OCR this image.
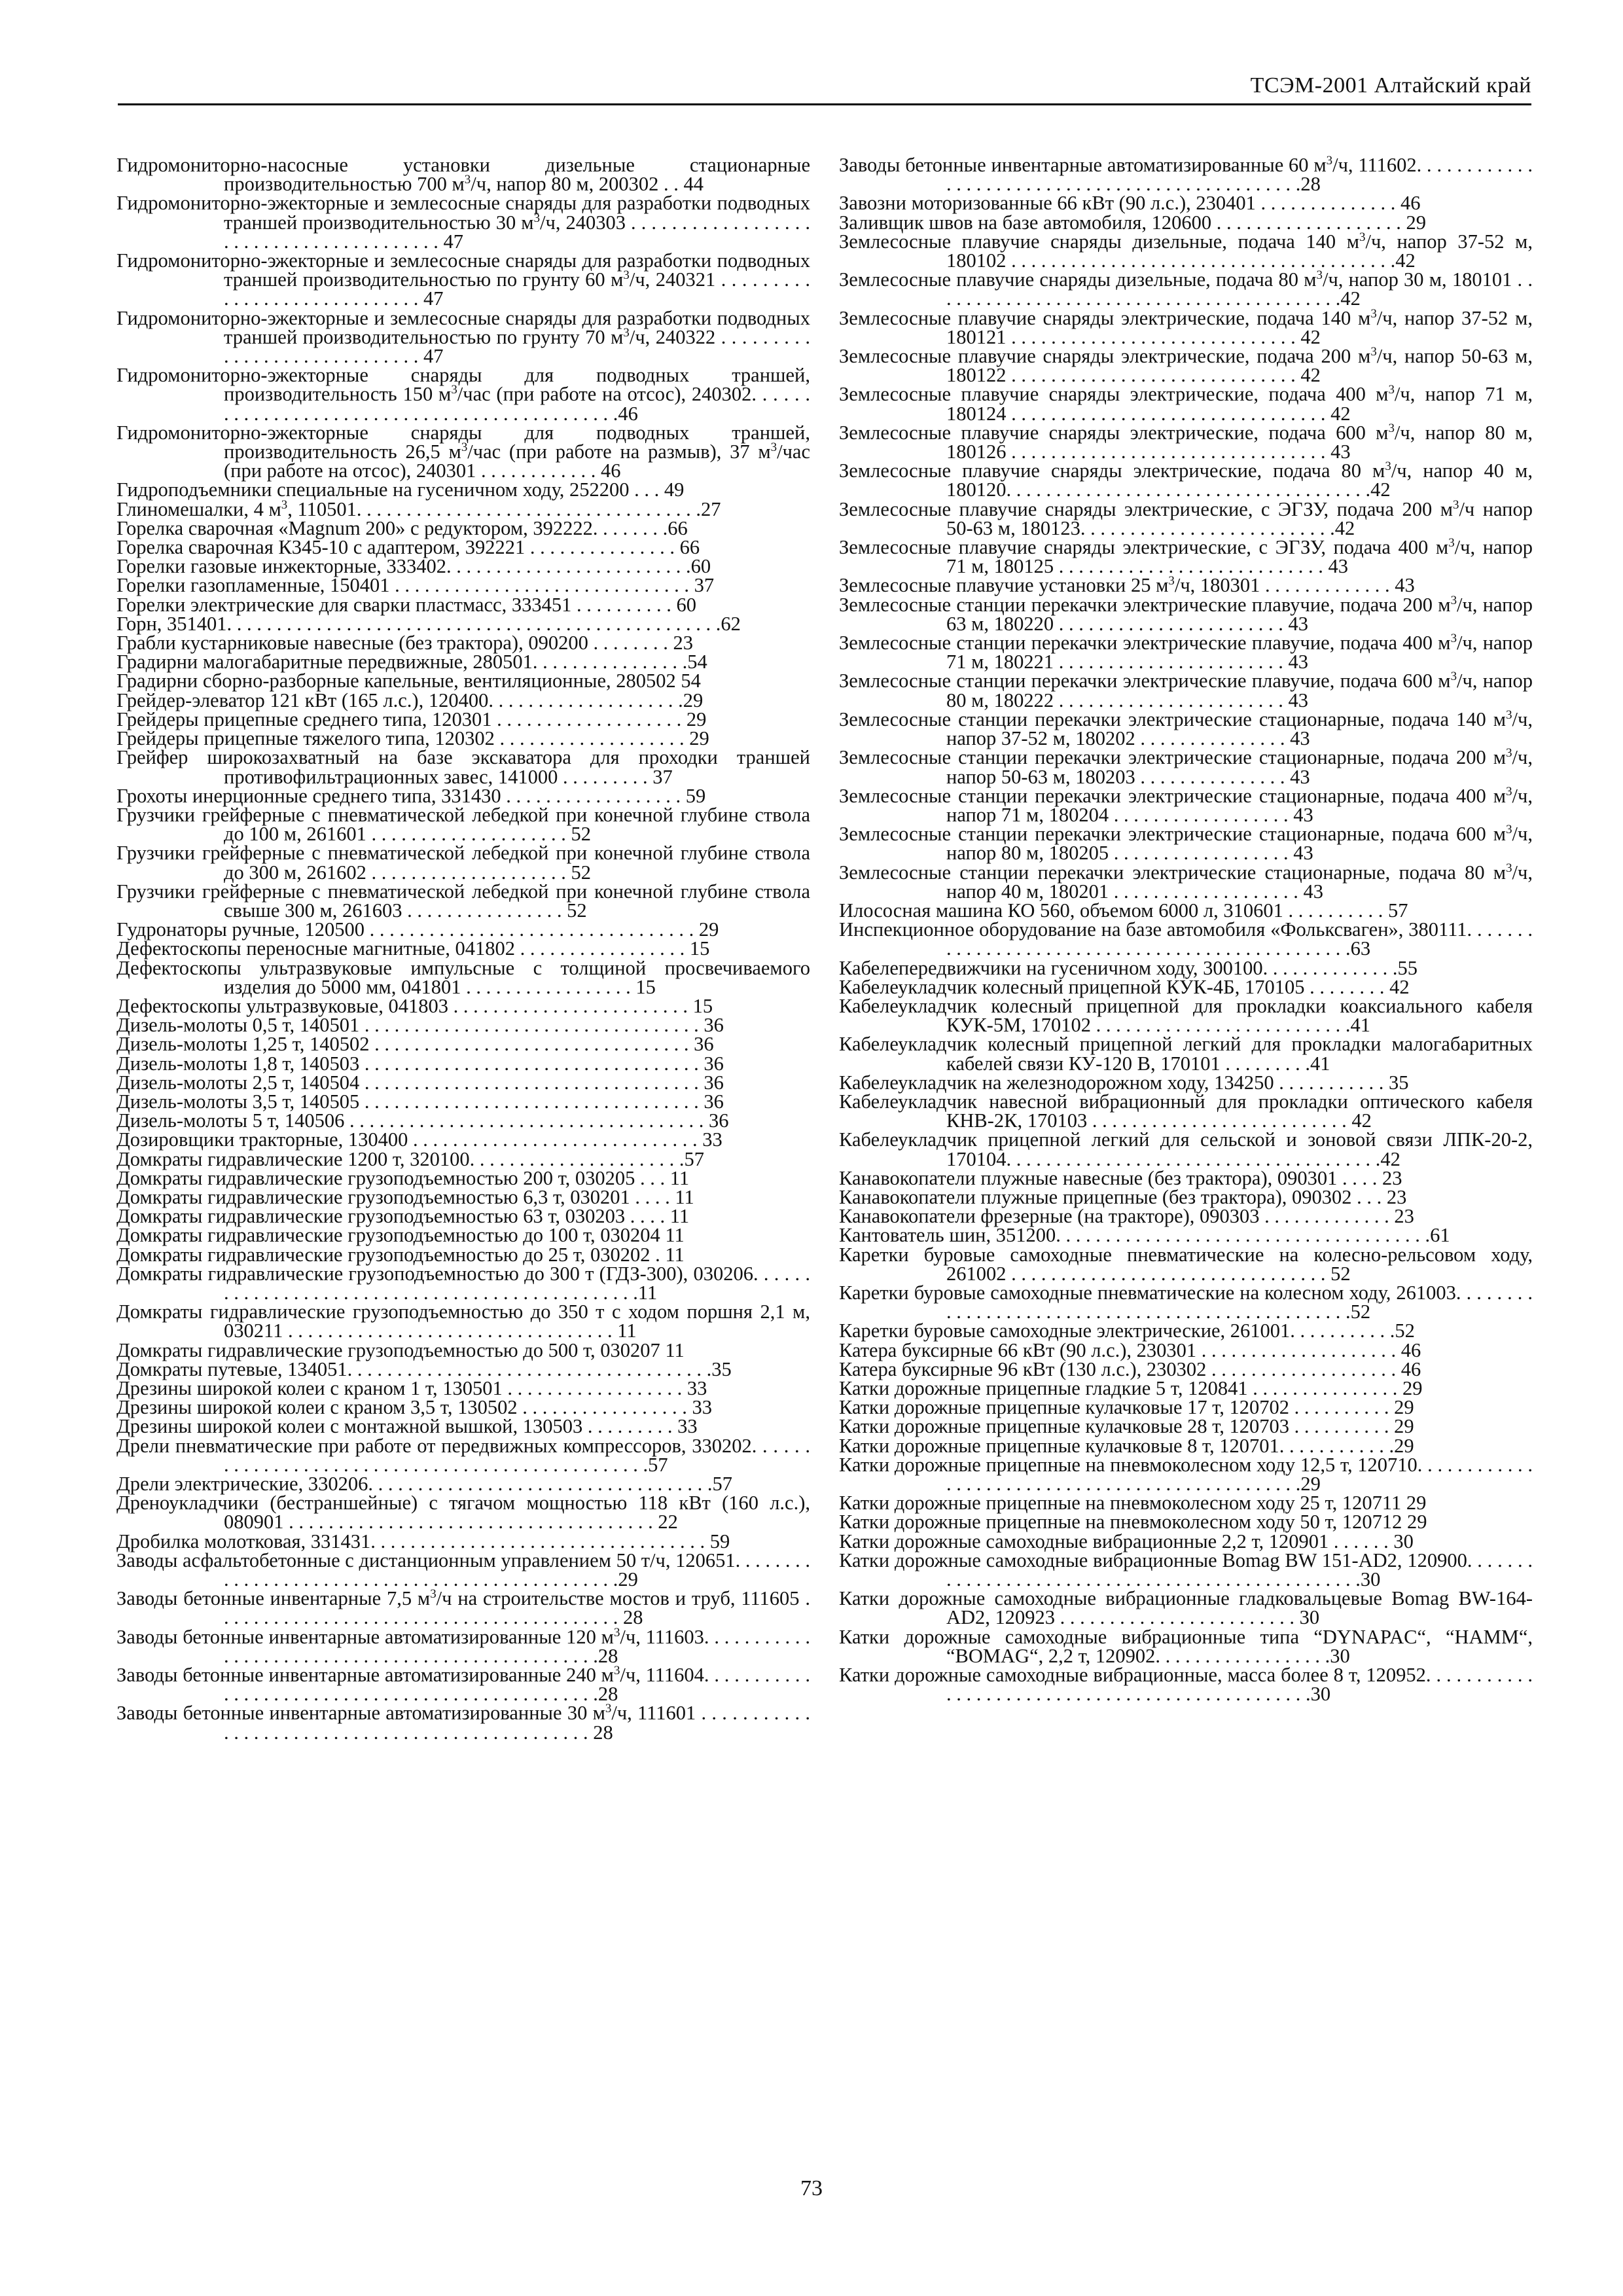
ТСЭМ-2001 Алтайский край

Гидромониторно-насосные установки дизельные стационарные производительностью 700 $м^3/ч$, напор 80 м, 200302 . . 44

Гидромониторно-эжекторные и землесосные снаряды для разработки подводных траншей производительностью 30 $м^3/ч$, 240303 . . . . . . . . . . . . . . . . . . . . . . . . . . . . . . . . . . . . . . . . 47

Гидромониторно-эжекторные и землесосные снаряды для разработки подводных траншей производительностью по грунту 60 $м^3/ч$, 240321 . . . . . . . . . . . . . . . . . . . . . . . . . . . . . 47

Гидромониторно-эжекторные и землесосные снаряды для разработки подводных траншей производительностью по грунту 70 $м^3/ч$, 240322 . . . . . . . . . . . . . . . . . . . . . . . . . . . . . 47

Гидромониторно-эжекторные снаряды для подводных траншей, производительность 150 $м^3$/час (при работе на отсос), 240302. . . . . . . . . . . . . . . . . . . . . . . . . . . . . . . . . . . . . . . . . . . . . .46

Гидромониторно-эжекторные снаряды для подводных траншей, производительность 26,5 $м^3$/час (при работе на размыв), 37 $м^3$/час (при работе на отсос), 240301 . . . . . . . . . . . . 46

Гидроподъемники специальные на гусеничном ходу, 252200 . . . 49

Глиномешалки, 4 $м^3$, 110501. . . . . . . . . . . . . . . . . . . . . . . . . . . . . . . . . . .27

Горелка сварочная «Magnum 200» с редуктором, 392222. . . . . . . .66

Горелка сварочная К345-10 с адаптером, 392221 . . . . . . . . . . . . . . . 66

Горелки газовые инжекторные, 333402. . . . . . . . . . . . . . . . . . . . . . . . .60

Горелки газопламенные, 150401 . . . . . . . . . . . . . . . . . . . . . . . . . . . . . . 37

Горелки электрические для сварки пластмасс, 333451 . . . . . . . . . . 60

Горн, 351401. . . . . . . . . . . . . . . . . . . . . . . . . . . . . . . . . . . . . . . . . . . . . . . . . .62

Грабли кустарниковые навесные (без трактора), 090200 . . . . . . . . 23

Градирни малогабаритные передвижные, 280501. . . . . . . . . . . . . . . .54

Градирни сборно-разборные капельные, вентиляционные, 280502 54

Грейдер-элеватор 121 кВт (165 л.с.), 120400. . . . . . . . . . . . . . . . . . . .29

Грейдеры прицепные среднего типа, 120301 . . . . . . . . . . . . . . . . . . . 29

Грейдеры прицепные тяжелого типа, 120302 . . . . . . . . . . . . . . . . . . . 29

Грейфер широкозахватный на базе экскаватора для проходки траншей противофильтрационных завес, 141000 . . . . . . . . . 37

Грохоты инерционные среднего типа, 331430 . . . . . . . . . . . . . . . . . . 59

Грузчики грейферные с пневматической лебедкой при конечной глубине ствола до 100 м, 261601 . . . . . . . . . . . . . . . . . . . . 52

Грузчики грейферные с пневматической лебедкой при конечной глубине ствола до 300 м, 261602 . . . . . . . . . . . . . . . . . . . . 52

Грузчики грейферные с пневматической лебедкой при конечной глубине ствола свыше 300 м, 261603 . . . . . . . . . . . . . . . . 52

Гудронаторы ручные, 120500 . . . . . . . . . . . . . . . . . . . . . . . . . . . . . . . . . 29

Дефектоскопы переносные магнитные, 041802 . . . . . . . . . . . . . . . . . 15

Дефектоскопы ультразвуковые импульсные с толщиной просвечиваемого изделия до 5000 мм, 041801 . . . . . . . . . . . . . . . . . 15

Дефектоскопы ультразвуковые, 041803 . . . . . . . . . . . . . . . . . . . . . . . . 15

Дизель-молоты 0,5 т, 140501 . . . . . . . . . . . . . . . . . . . . . . . . . . . . . . . . . . 36

Дизель-молоты 1,25 т, 140502 . . . . . . . . . . . . . . . . . . . . . . . . . . . . . . . . 36

Дизель-молоты 1,8 т, 140503 . . . . . . . . . . . . . . . . . . . . . . . . . . . . . . . . . . 36

Дизель-молоты 2,5 т, 140504 . . . . . . . . . . . . . . . . . . . . . . . . . . . . . . . . . . 36

Дизель-молоты 3,5 т, 140505 . . . . . . . . . . . . . . . . . . . . . . . . . . . . . . . . . . 36

Дизель-молоты 5 т, 140506 . . . . . . . . . . . . . . . . . . . . . . . . . . . . . . . . . . . . 36

Дозировщики тракторные, 130400 . . . . . . . . . . . . . . . . . . . . . . . . . . . . . 33

Домкраты гидравлические 1200 т, 320100. . . . . . . . . . . . . . . . . . . . . .57

Домкраты гидравлические грузоподъемностью 200 т, 030205 . . . 11

Домкраты гидравлические грузоподъемностью 6,3 т, 030201 . . . . 11

Домкраты гидравлические грузоподъемностью 63 т, 030203 . . . . 11

Домкраты гидравлические грузоподъемностью до 100 т, 030204 11

Домкраты гидравлические грузоподъемностью до 25 т, 030202 . 11

Домкраты гидравлические грузоподъемностью до 300 т (ГДЗ-300), 030206. . . . . . . . . . . . . . . . . . . . . . . . . . . . . . . . . . . . . . . . . . . . . . . .11

Домкраты гидравлические грузоподъемностью до 350 т с ходом поршня 2,1 м, 030211 . . . . . . . . . . . . . . . . . . . . . . . . . . . . . . . . . 11

Домкраты гидравлические грузоподъемностью до 500 т, 030207 11

Домкраты путевые, 134051. . . . . . . . . . . . . . . . . . . . . . . . . . . . . . . . . . . . .35

Дрезины широкой колеи с краном 1 т, 130501 . . . . . . . . . . . . . . . . . . 33

Дрезины широкой колеи с краном 3,5 т, 130502 . . . . . . . . . . . . . . . . . 33

Дрезины широкой колеи с монтажной вышкой, 130503 . . . . . . . . . 33

Дрели пневматические при работе от передвижных компрессоров, 330202. . . . . . . . . . . . . . . . . . . . . . . . . . . . . . . . . . . . . . . . . . . . . . . . .57

Дрели электрические, 330206. . . . . . . . . . . . . . . . . . . . . . . . . . . . . . . . . . .57

Дреноукладчики (бестраншейные) с тягачом мощностью 118 кВт (160 л.с.), 080901 . . . . . . . . . . . . . . . . . . . . . . . . . . . . . . . . . . . . . 22

Дробилка молотковая, 331431. . . . . . . . . . . . . . . . . . . . . . . . . . . . . . . . . . 59

Заводы асфальтобетонные с дистанционным управлением 50 т/ч, 120651. . . . . . . . . . . . . . . . . . . . . . . . . . . . . . . . . . . . . . . . . . . . . . . .29

Заводы бетонные инвентарные 7,5 $м^3/ч$ на строительстве мостов и труб, 111605 . . . . . . . . . . . . . . . . . . . . . . . . . . . . . . . . . . . . . . . . . 28

Заводы бетонные инвентарные автоматизированные 120 $м^3/ч$, 111603. . . . . . . . . . . . . . . . . . . . . . . . . . . . . . . . . . . . . . . . . . . . . . . . .28

Заводы бетонные инвентарные автоматизированные 240 $м^3/ч$, 111604. . . . . . . . . . . . . . . . . . . . . . . . . . . . . . . . . . . . . . . . . . . . . . . . .28

Заводы бетонные инвентарные автоматизированные 30 $м^3/ч$, 111601 . . . . . . . . . . . . . . . . . . . . . . . . . . . . . . . . . . . . . . . . . . . . . . . . 28

Заводы бетонные инвентарные автоматизированные 60 $м^3/ч$, 111602. . . . . . . . . . . . . . . . . . . . . . . . . . . . . . . . . . . . . . . . . . . . . . . .28

Завозни моторизованные 66 кВт (90 л.с.), 230401 . . . . . . . . . . . . . . 46

Заливщик швов на базе автомобиля, 120600 . . . . . . . . . . . . . . . . . . . 29

Землесосные плавучие снаряды дизельные, подача 140 $м^3/ч$, напор 37-52 м, 180102 . . . . . . . . . . . . . . . . . . . . . . . . . . . . . . . . . . . . . . .42

Землесосные плавучие снаряды дизельные, подача 80 $м^3/ч$, напор 30 м, 180101 . . . . . . . . . . . . . . . . . . . . . . . . . . . . . . . . . . . . . . . . . .42

Землесосные плавучие снаряды электрические, подача 140 $м^3/ч$, напор 37-52 м, 180121 . . . . . . . . . . . . . . . . . . . . . . . . . . . . . 42

Землесосные плавучие снаряды электрические, подача 200 $м^3/ч$, напор 50-63 м, 180122 . . . . . . . . . . . . . . . . . . . . . . . . . . . . . 42

Землесосные плавучие снаряды электрические, подача 400 $м^3/ч$, напор 71 м, 180124 . . . . . . . . . . . . . . . . . . . . . . . . . . . . . . . . 42

Землесосные плавучие снаряды электрические, подача 600 $м^3/ч$, напор 80 м, 180126 . . . . . . . . . . . . . . . . . . . . . . . . . . . . . . . . 43

Землесосные плавучие снаряды электрические, подача 80 $м^3/ч$, напор 40 м, 180120. . . . . . . . . . . . . . . . . . . . . . . . . . . . . . . . . . . . .42

Землесосные плавучие снаряды электрические, с ЭГЗУ, подача 200 $м^3/ч$ напор 50-63 м, 180123. . . . . . . . . . . . . . . . . . . . . . . . . .42

Землесосные плавучие снаряды электрические, с ЭГЗУ, подача 400 $м^3/ч$, напор 71 м, 180125 . . . . . . . . . . . . . . . . . . . . . . . . . . . 43

Землесосные плавучие установки 25 $м^3/ч$, 180301 . . . . . . . . . . . . . 43

Землесосные станции перекачки электрические плавучие, подача 200 $м^3/ч$, напор 63 м, 180220 . . . . . . . . . . . . . . . . . . . . . . . 43

Землесосные станции перекачки электрические плавучие, подача 400 $м^3/ч$, напор 71 м, 180221 . . . . . . . . . . . . . . . . . . . . . . . 43

Землесосные станции перекачки электрические плавучие, подача 600 $м^3/ч$, напор 80 м, 180222 . . . . . . . . . . . . . . . . . . . . . . . 43

Землесосные станции перекачки электрические стационарные, подача 140 $м^3/ч$, напор 37-52 м, 180202 . . . . . . . . . . . . . . . 43

Землесосные станции перекачки электрические стационарные, подача 200 $м^3/ч$, напор 50-63 м, 180203 . . . . . . . . . . . . . . . 43

Землесосные станции перекачки электрические стационарные, подача 400 $м^3/ч$, напор 71 м, 180204 . . . . . . . . . . . . . . . . . . 43

Землесосные станции перекачки электрические стационарные, подача 600 $м^3/ч$, напор 80 м, 180205 . . . . . . . . . . . . . . . . . . 43

Землесосные станции перекачки электрические стационарные, подача 80 $м^3/ч$, напор 40 м, 180201 . . . . . . . . . . . . . . . . . . . 43

Илососная машина КО 560, объемом 6000 л, 310601 . . . . . . . . . . 57

Инспекционное оборудование на базе автомобиля «Фольксваген», 380111. . . . . . . . . . . . . . . . . . . . . . . . . . . . . . . . . . . . . . . . . . . . . . . .63

Кабелепередвижчики на гусеничном ходу, 300100. . . . . . . . . . . . . .55

Кабелеукладчик колесный прицепной КУК-4Б, 170105 . . . . . . . . 42

Кабелеукладчик колесный прицепной для прокладки коаксиального кабеля КУК-5М, 170102 . . . . . . . . . . . . . . . . . . . . . . . . . .41

Кабелеукладчик колесный прицепной легкий для прокладки малогабаритных кабелей связи КУ-120 В, 170101 . . . . . . . . .41

Кабелеукладчик на железнодорожном ходу, 134250 . . . . . . . . . . . 35

Кабелеукладчик навесной вибрационный для прокладки оптического кабеля КНВ-2К, 170103 . . . . . . . . . . . . . . . . . . . . . . . . . . 42

Кабелеукладчик прицепной легкий для сельской и зоновой связи ЛПК-20-2, 170104. . . . . . . . . . . . . . . . . . . . . . . . . . . . . . . . . . . . . .42

Канавокопатели плужные навесные (без трактора), 090301 . . . . 23

Канавокопатели плужные прицепные (без трактора), 090302 . . . 23

Канавокопатели фрезерные (на тракторе), 090303 . . . . . . . . . . . . . 23

Кантователь шин, 351200. . . . . . . . . . . . . . . . . . . . . . . . . . . . . . . . . . . . . .61

Каретки буровые самоходные пневматические на колесно-рельсовом ходу, 261002 . . . . . . . . . . . . . . . . . . . . . . . . . . . . . . . . 52

Каретки буровые самоходные пневматические на колесном ходу, 261003. . . . . . . . . . . . . . . . . . . . . . . . . . . . . . . . . . . . . . . . . . . . . . . . .52

Каретки буровые самоходные электрические, 261001. . . . . . . . . . .52

Катера буксирные 66 кВт (90 л.с.), 230301 . . . . . . . . . . . . . . . . . . . . 46

Катера буксирные 96 кВт (130 л.с.), 230302 . . . . . . . . . . . . . . . . . . . 46

Катки дорожные прицепные гладкие 5 т, 120841 . . . . . . . . . . . . . . . 29

Катки дорожные прицепные кулачковые 17 т, 120702 . . . . . . . . . . 29

Катки дорожные прицепные кулачковые 28 т, 120703 . . . . . . . . . . 29

Катки дорожные прицепные кулачковые 8 т, 120701. . . . . . . . . . . .29

Катки дорожные прицепные на пневмоколесном ходу 12,5 т, 120710. . . . . . . . . . . . . . . . . . . . . . . . . . . . . . . . . . . . . . . . . . . . . . . .29

Катки дорожные прицепные на пневмоколесном ходу 25 т, 120711 29

Катки дорожные прицепные на пневмоколесном ходу 50 т, 120712 29

Катки дорожные самоходные вибрационные 2,2 т, 120901 . . . . . . 30

Катки дорожные самоходные вибрационные Bomag BW 151-AD2, 120900. . . . . . . . . . . . . . . . . . . . . . . . . . . . . . . . . . . . . . . . . . . . . . . . .30

Катки дорожные самоходные вибрационные гладковальцевые Bomag BW-164-AD2, 120923 . . . . . . . . . . . . . . . . . . . . . . . . 30

Катки дорожные самоходные вибрационные типа “DYNAPAC“, “HAMM“, “BOMAG“, 2,2 т, 120902. . . . . . . . . . . . . . . . . .30

Катки дорожные самоходные вибрационные, масса более 8 т, 120952. . . . . . . . . . . . . . . . . . . . . . . . . . . . . . . . . . . . . . . . . . . . . . . .30

73
